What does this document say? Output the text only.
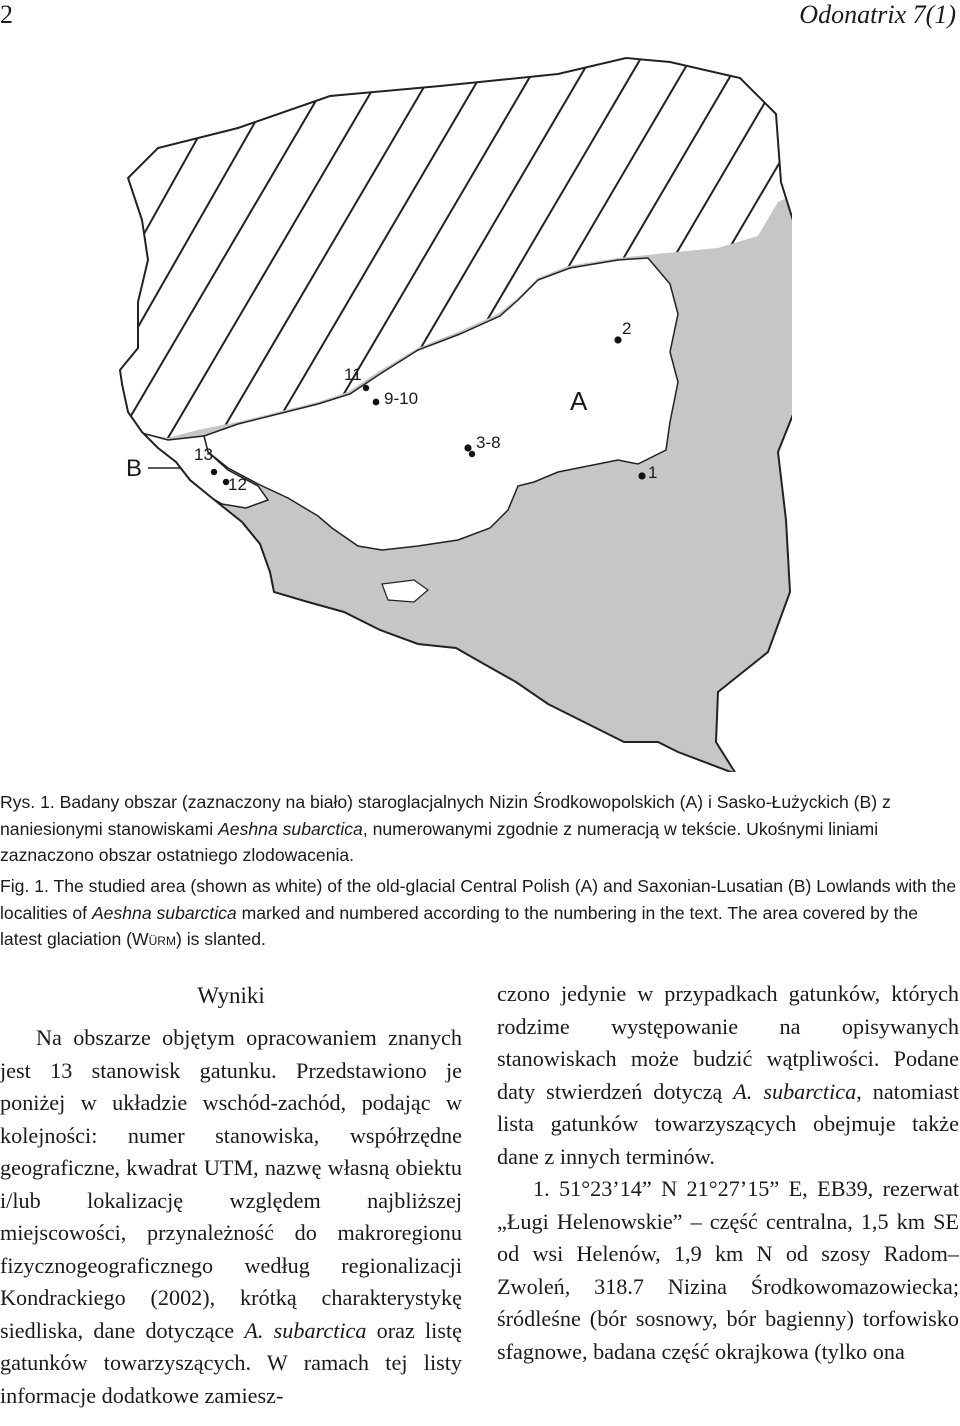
2	Odonatrix 7(1)
A
B	1
2
3-8
9-10
11
12
13
Rys. 1. Badany obszar (zaznaczony na biało) staroglacjalnych Nizin Środkowopolskich (A) i Sasko-Łużyckich (B) z naniesionymi stanowiskami Aeshna subarctica, numerowanymi zgodnie z numeracją w tekście. Ukośnymi liniami zaznaczono obszar ostatniego zlodowacenia.
Fig. 1. The studied area (shown as white) of the old-glacial Central Polish (A) and Saxonian-Lusatian (B) Lowlands with the localities of Aeshna subarctica marked and numbered according to the numbering in the text. The area covered by the latest glaciation (Würm) is slanted.
Wyniki

Na obszarze objętym opracowaniem znanych jest 13 stanowisk gatunku. Przedstawiono je poniżej w układzie wschód-zachód, podając w kolejności: numer stanowiska, współrzędne geograficzne, kwadrat UTM, nazwę własną obiektu i/lub lokalizację względem najbliższej miejscowości, przynależność do makroregionu fizycznogeograficznego według regionalizacji Kondrackiego (2002), krótką charakterystykę siedliska, dane dotyczące A. subarctica oraz listę gatunków towarzyszących. W ramach tej listy informacje dodatkowe zamiesz-

czono jedynie w przypadkach gatunków, których rodzime występowanie na opisywanych stanowiskach może budzić wątpliwości. Podane daty stwierdzeń dotyczą A. subarctica, natomiast lista gatunków towarzyszących obejmuje także dane z innych terminów.

1. 51°23’14” N 21°27’15” E, EB39, rezerwat „Ługi Helenowskie” – część centralna, 1,5 km SE od wsi Helenów, 1,9 km N od szosy Radom–Zwoleń, 318.7 Nizina Środkowomazowiecka; śródleśne (bór sosnowy, bór bagienny) torfowisko sfagnowe, badana część okrajkowa (tylko ona
